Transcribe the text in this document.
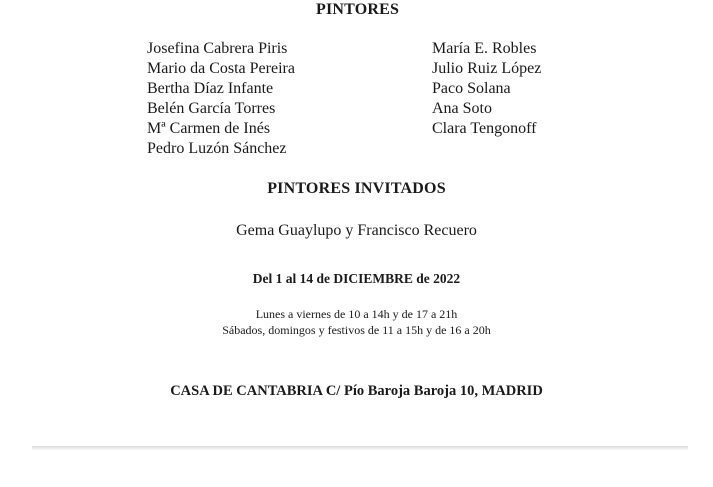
PINTORES
Josefina Cabrera Piris
Mario da Costa Pereira
Bertha Díaz Infante
Belén García Torres
Mª Carmen de Inés
Pedro Luzón Sánchez
María E. Robles
Julio Ruiz López
Paco Solana
Ana Soto
Clara Tengonoff
PINTORES INVITADOS
Gema Guaylupo y Francisco Recuero
Del 1 al 14 de DICIEMBRE de 2022
Lunes a viernes de 10 a 14h y de 17 a 21h
Sábados, domingos y festivos de 11 a 15h y de 16 a 20h
CASA DE CANTABRIA C/ Pío Baroja Baroja 10, MADRID
